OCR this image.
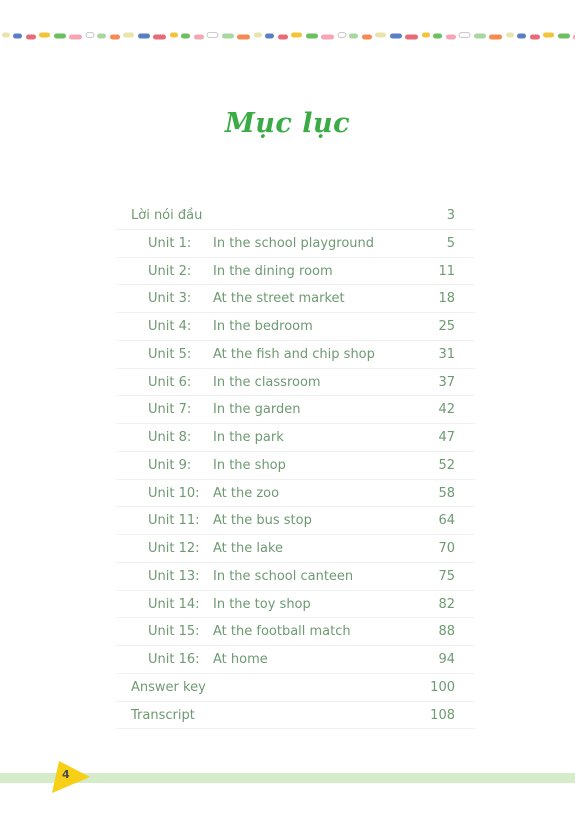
Mục lục
Lời nói đầu	3
Unit 1: In the school playground	5
Unit 2: In the dining room	11
Unit 3: At the street market	18
Unit 4: In the bedroom	25
Unit 5: At the fish and chip shop	31
Unit 6: In the classroom	37
Unit 7: In the garden	42
Unit 8: In the park	47
Unit 9: In the shop	52
Unit 10: At the zoo	58
Unit 11: At the bus stop	64
Unit 12: At the lake	70
Unit 13: In the school canteen	75
Unit 14: In the toy shop	82
Unit 15: At the football match	88
Unit 16: At home	94
Answer key	100
Transcript	108
4
